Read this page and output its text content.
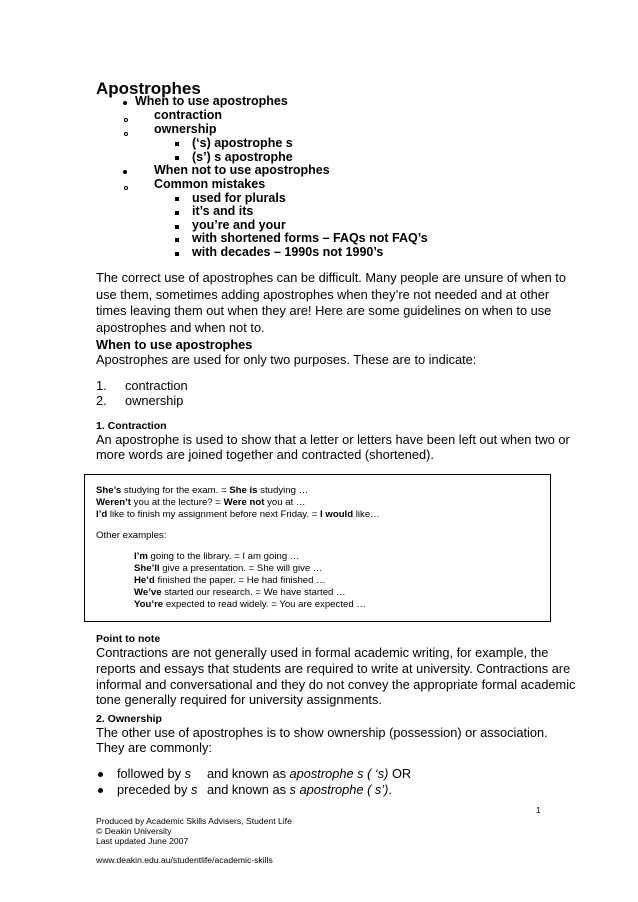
Apostrophes
When to use apostrophes
contraction
ownership
(‘s) apostrophe s
(s’) s apostrophe
When not to use apostrophes
Common mistakes
used for plurals
it’s and its
you’re and your
with shortened forms – FAQs not FAQ’s
with decades – 1990s not 1990’s
The correct use of apostrophes can be difficult. Many people are unsure of when to
use them, sometimes adding apostrophes when they’re not needed and at other
times leaving them out when they are! Here are some guidelines on when to use
apostrophes and when not to.
When to use apostrophes
Apostrophes are used for only two purposes. These are to indicate:
1. contraction
2. ownership
1. Contraction
An apostrophe is used to show that a letter or letters have been left out when two or
more words are joined together and contracted (shortened).
She’s studying for the exam. = She is studying …
Weren’t you at the lecture? = Were not you at …
I’d like to finish my assignment before next Friday. = I would like…
Other examples:
I’m going to the library. = I am going …
She’ll give a presentation. = She will give …
He’d finished the paper. = He had finished …
We’ve started our research. = We have started …
You’re expected to read widely. = You are expected …
Point to note
Contractions are not generally used in formal academic writing, for example, the
reports and essays that students are required to write at university. Contractions are
informal and conversational and they do not convey the appropriate formal academic
tone generally required for university assignments.
2. Ownership
The other use of apostrophes is to show ownership (possession) or association.
They are commonly:
followed by s and known as apostrophe s ( ‘s) OR
preceded by s and known as s apostrophe ( s’).
1
Produced by Academic Skills Advisers, Student Life
© Deakin University
Last updated June 2007
www.deakin.edu.au/studentlife/academic-skills
